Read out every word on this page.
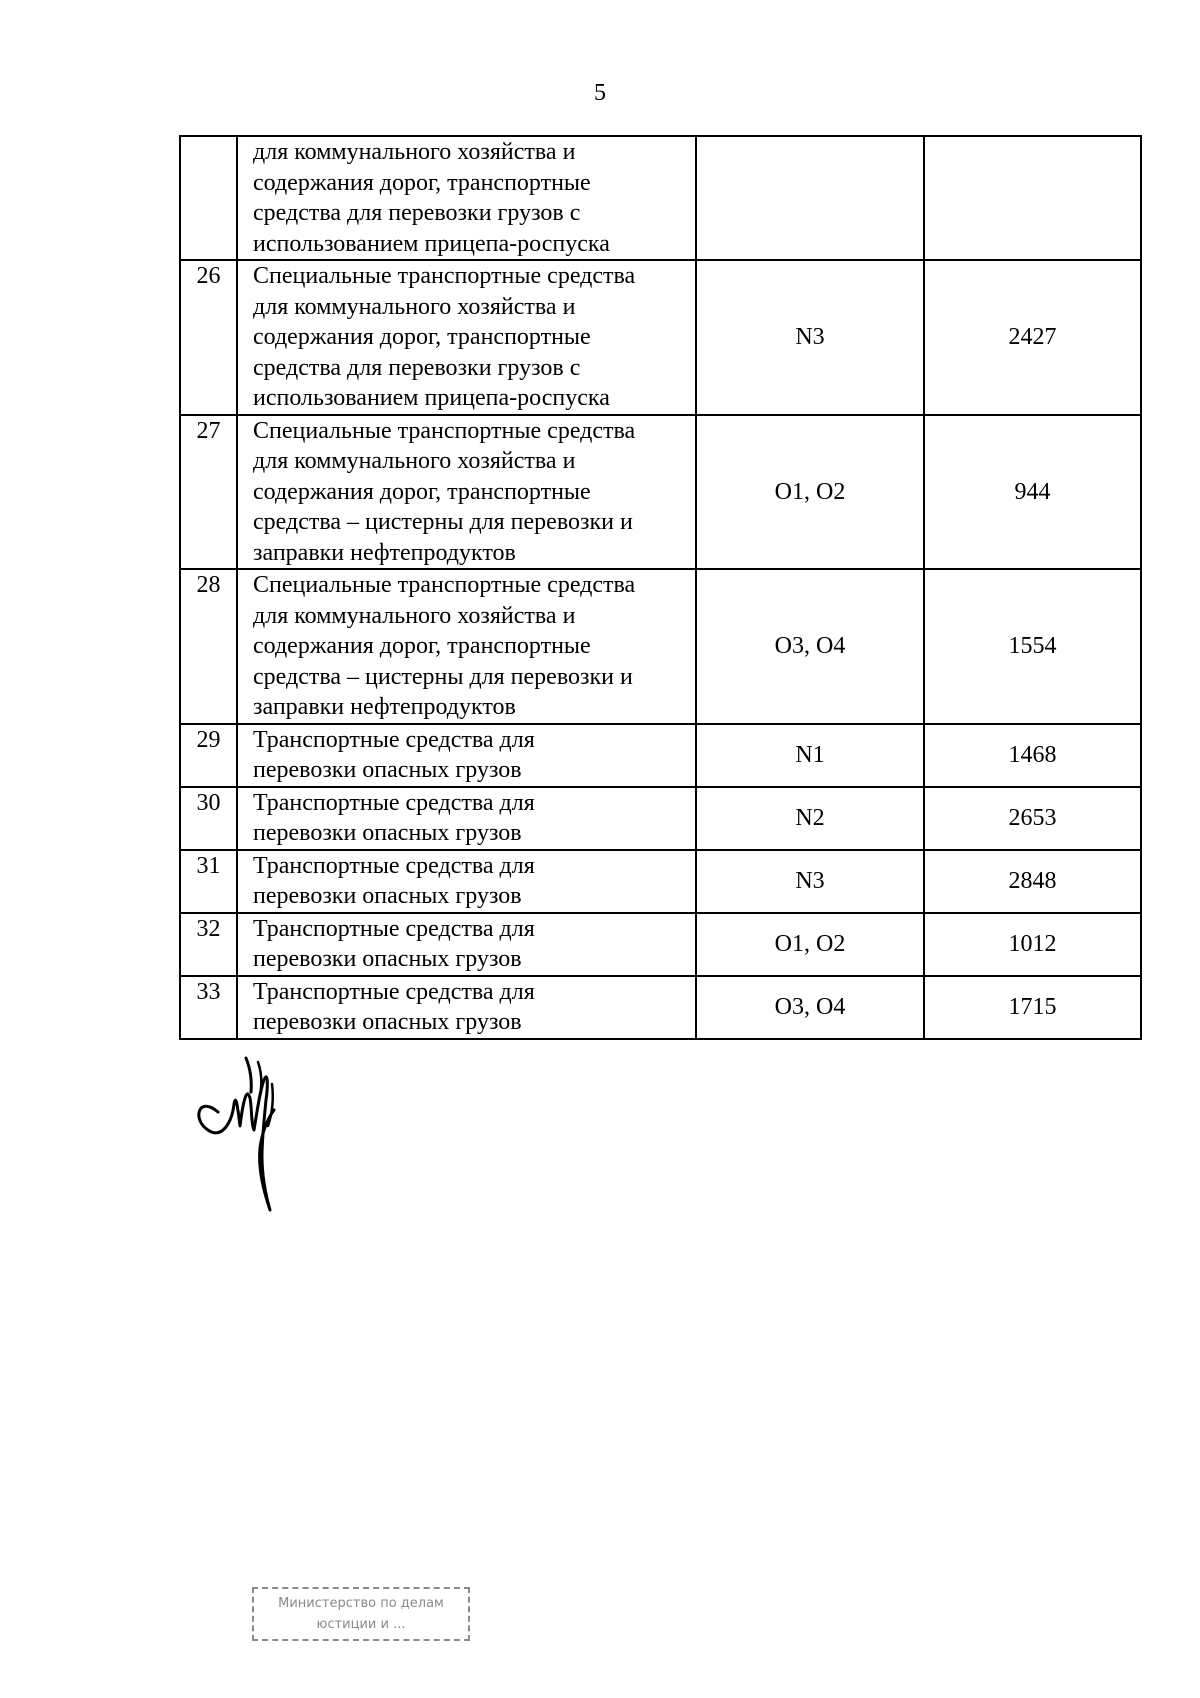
5
	для коммунального хозяйства и
содержания дорог, транспортные
средства для перевозки грузов с
использованием прицепа-роспуска		
26	Специальные транспортные средства
для коммунального хозяйства и
содержания дорог, транспортные
средства для перевозки грузов с
использованием прицепа-роспуска	N3	2427
27	Специальные транспортные средства
для коммунального хозяйства и
содержания дорог, транспортные
средства – цистерны для перевозки и
заправки нефтепродуктов	O1, O2	944
28	Специальные транспортные средства
для коммунального хозяйства и
содержания дорог, транспортные
средства – цистерны для перевозки и
заправки нефтепродуктов	O3, O4	1554
29	Транспортные средства для
перевозки опасных грузов	N1	1468
30	Транспортные средства для
перевозки опасных грузов	N2	2653
31	Транспортные средства для
перевозки опасных грузов	N3	2848
32	Транспортные средства для
перевозки опасных грузов	O1, O2	1012
33	Транспортные средства для
перевозки опасных грузов	O3, O4	1715
Министерство по делам
юстиции и ...
